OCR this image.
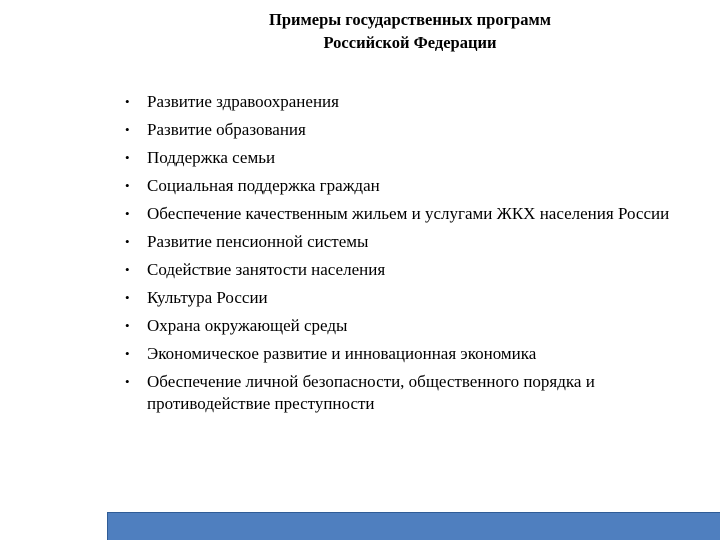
Примеры государственных программ
Российской Федерации
• Развитие здравоохранения
• Развитие образования
• Поддержка семьи
• Социальная поддержка граждан
• Обеспечение качественным жильем и услугами ЖКХ населения России
• Развитие пенсионной системы
• Содействие занятости населения
• Культура России
• Охрана окружающей среды
• Экономическое развитие и инновационная экономика
• Обеспечение личной безопасности, общественного порядка и противодействие преступности
